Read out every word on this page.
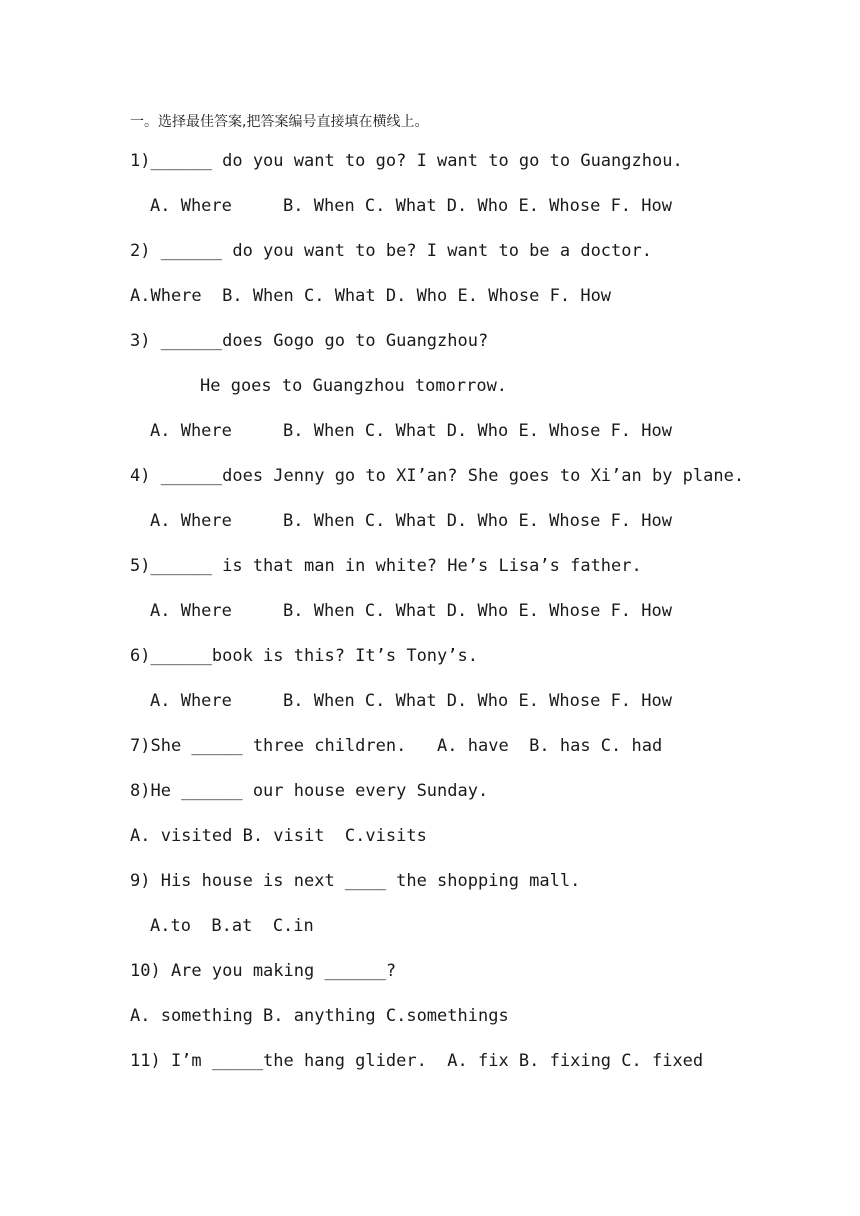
一。选择最佳答案,把答案编号直接填在横线上。
1)______ do you want to go? I want to go to Guangzhou.
A. Where     B. When C. What D. Who E. Whose F. How
2) ______ do you want to be? I want to be a doctor.
A.Where  B. When C. What D. Who E. Whose F. How
3) ______does Gogo go to Guangzhou?
He goes to Guangzhou tomorrow.
A. Where     B. When C. What D. Who E. Whose F. How
4) ______does Jenny go to XI’an? She goes to Xi’an by plane.
A. Where     B. When C. What D. Who E. Whose F. How
5)______ is that man in white? He’s Lisa’s father.
A. Where     B. When C. What D. Who E. Whose F. How
6)______book is this? It’s Tony’s.
A. Where     B. When C. What D. Who E. Whose F. How
7)She _____ three children.   A. have  B. has C. had
8)He ______ our house every Sunday.
A. visited B. visit  C.visits
9) His house is next ____ the shopping mall.
A.to  B.at  C.in
10) Are you making ______?
A. something B. anything C.somethings
11) I’m _____the hang glider.  A. fix B. fixing C. fixed
